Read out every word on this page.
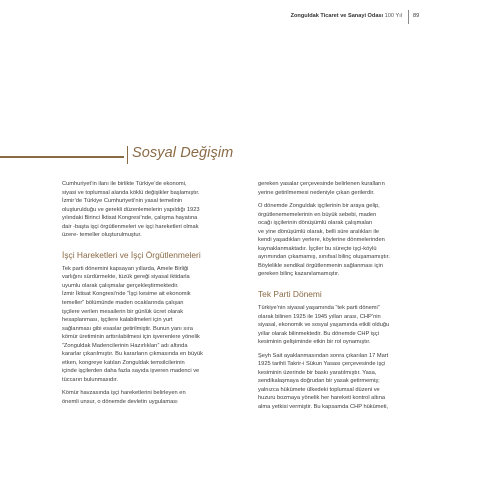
Zonguldak Ticaret ve Sanayi Odası 100 Yıl 89
Sosyal Değişim

Cumhuriyet’in ilanı ile birlikte Türkiye’de ekonomi,
siyasi ve toplumsal alanda köklü değişikler başlamıştır.
İzmir’de Türkiye Cumhuriyeti’nin yasal temelinin
oluşturulduğu ve gerekli düzenlemelerin yapıldığı 1923
yılındaki Birinci İktisat Kongresi’nde, çalışma hayatına
dair -başta işçi örgütlenmeleri ve işçi hareketleri olmak
üzere- temeller oluşturulmuştur.

İşçi Hareketleri ve İşçi Örgütlenmeleri

Tek parti dönemini kapsayan yıllarda, Amele Birliği
varlığını sürdürmekte, tüzük gereği siyasal iktidarla
uyumlu olarak çalışmalar gerçekleştirmektedir.
İzmir İktisat Kongresi’nde “İşçi kesime ait ekonomik
temeller” bölümünde maden ocaklarında çalışan
işçilere verilen mesailerin bir günlük ücret olarak
hesaplanması, işçilere kalabilmeleri için yurt
sağlanması gibi esaslar getirilmiştir. Bunun yanı sıra
kömür üretiminin arttırılabilmesi için işverenlere yönelik
“Zonguldak Madencilerinin Hazırlıkları” adı altında
kararlar çıkarılmıştır. Bu kararların çıkmasında en büyük
etken, kongreye katılan Zonguldak temsilcilerinin
içinde işçilerden daha fazla sayıda işveren madenci ve
tüccarın bulunmasıdır.

Kömür havzasında işçi hareketlerini belirleyen en
önemli unsur, o dönemde devletin uygulaması

gereken yasalar çerçevesinde belirlenen kuralların
yerine getirilmemesi nedeniyle çıkan gerilerdir.

O dönemde Zonguldak işçilerinin bir araya gelip,
örgütlenememelerinin en büyük sebebi, maden
ocağı işçilerinin dönüşümlü olarak çalışmaları
ve yine dönüşümlü olarak, belli süre aralıkları ile
kendi yaşadıkları yerlere, köylerine dönmelerinden
kaynaklanmaktadır. İşçiler bu süreçte işçi-köylü
ayrımından çıkamamış, sınıfsal bilinç oluşamamıştır.
Böylelikle sendikal örgütlenmenin sağlanması için
gereken bilinç kazanılamamıştır.

Tek Parti Dönemi

Türkiye’nin siyasal yaşamında “tek parti dönemi”
olarak bilinen 1925 ile 1945 yılları arası, CHP’nin
siyasal, ekonomik ve sosyal yaşamında etkili olduğu
yıllar olarak bilinmektedir. Bu dönemde CHP işçi
kesiminin gelişiminde etkin bir rol oynamıştır.

Şeyh Sait ayaklanmasından sonra çıkarılan 17 Mart
1925 tarihli Takrir-i Sükun Yasası çerçevesinde işçi
kesiminin üzerinde bir baskı yaratılmıştır. Yasa,
sendikalaşmaya doğrudan bir yasak getirmemiş;
yalnızca hükümete ülkedeki toplumsal düzeni ve
huzuru bozmaya yönelik her hareketi kontrol altına
alma yetkisi vermiştir. Bu kapsamda CHP hükümeti,
